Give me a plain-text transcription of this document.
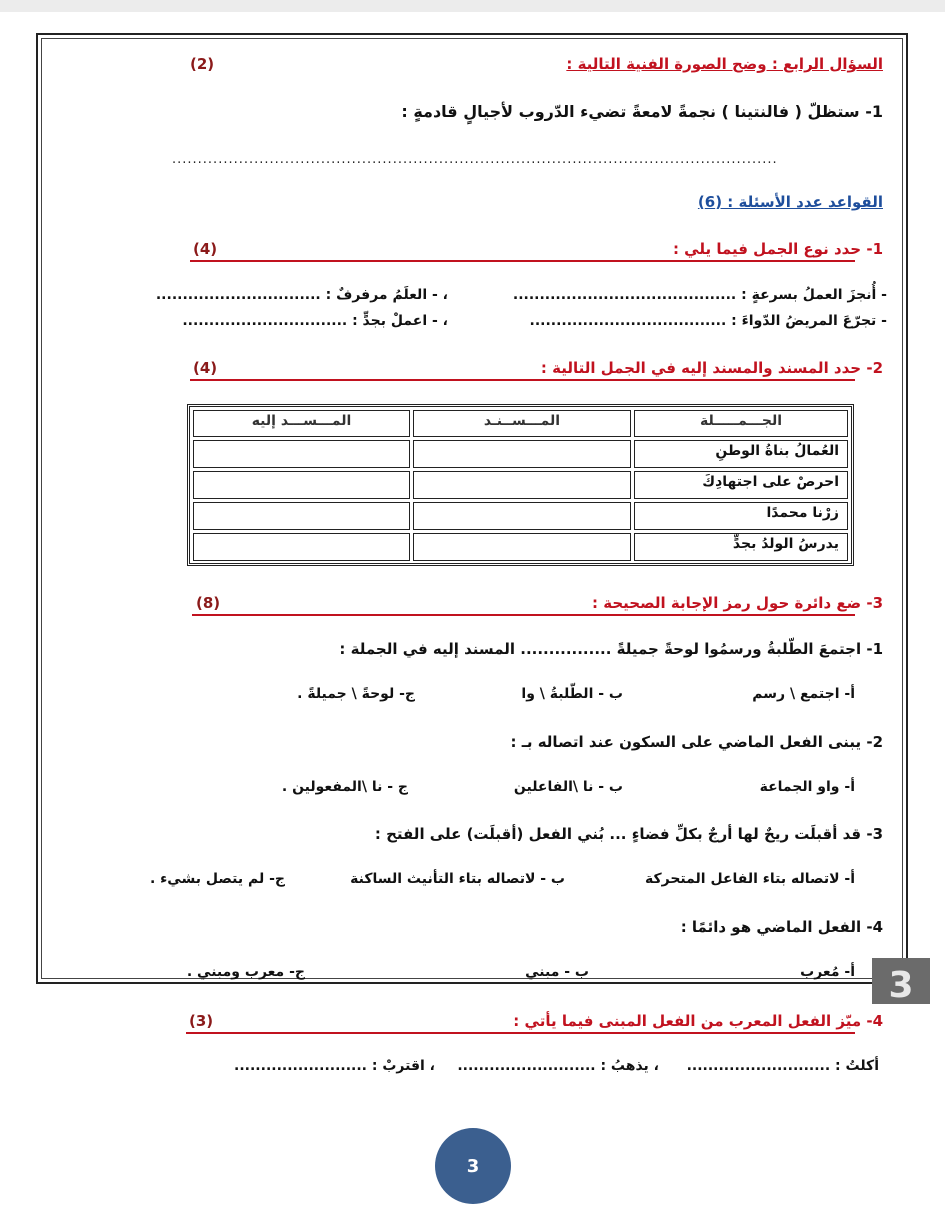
السؤال الرابع : وضح الصورة الفنية التالية :
(2)
1- ستظلّ ( فالنتينا ) نجمةً لامعةً تضيء الدّروب لأجيالٍ قادمةٍ :
......................................................................................................................
القواعد عدد الأسئلة : (6)
1- حدد نوع الجمل فيما يلي :
(4)
- أُنجزَ العملُ بسرعةٍ : ..........................................
، - العلَمُ مرفرفٌ : ...............................
- تجرّعَ المريضُ الدّواءَ : .....................................
، - اعملْ بجدٍّ : ...............................
2- حدد المسند والمسند إليه في الجمل التالية :
(4)
الجـــمـــــلة
المـــســنـد
المـــســـد إليه
العُمالُ بناةُ الوطنِ
احرصْ على اجتهادِكَ
زرْنا محمدًا
يدرسُ الولدُ بجدٍّ
3- ضع دائرة حول رمز الإجابة الصحيحة :
(8)
1- اجتمعَ الطّلبةُ ورسمُوا لوحةً جميلةً ................ المسند إليه في الجملة :
أ- اجتمع \ رسم
ب - الطّلبةُ \ وا
ج- لوحةً \ جميلةً .
2- يبنى الفعل الماضي على السكون عند اتصاله بـ :
أ- واو الجماعة
ب - نا \الفاعلين
ج - نا \المفعولين .
3- قد أقبلَت ريحٌ لها أرجٌ بكلِّ فضاءٍ ... بُني الفعل (أقبلَت) على الفتح :
أ- لاتصاله بتاء الفاعل المتحركة
ب - لاتصاله بتاء التأنيث الساكنة
ج- لم يتصل بشيء .
4- الفعل الماضي هو دائمًا :
أ- مُعرب
ب - مبني
ج- معرب ومبني .
4- ميّز الفعل المعرب من الفعل المبنى فيما يأتي :
(3)
أكلتُ : ...........................
، يذهبُ : ..........................
، اقتربْ : .........................
3
3
